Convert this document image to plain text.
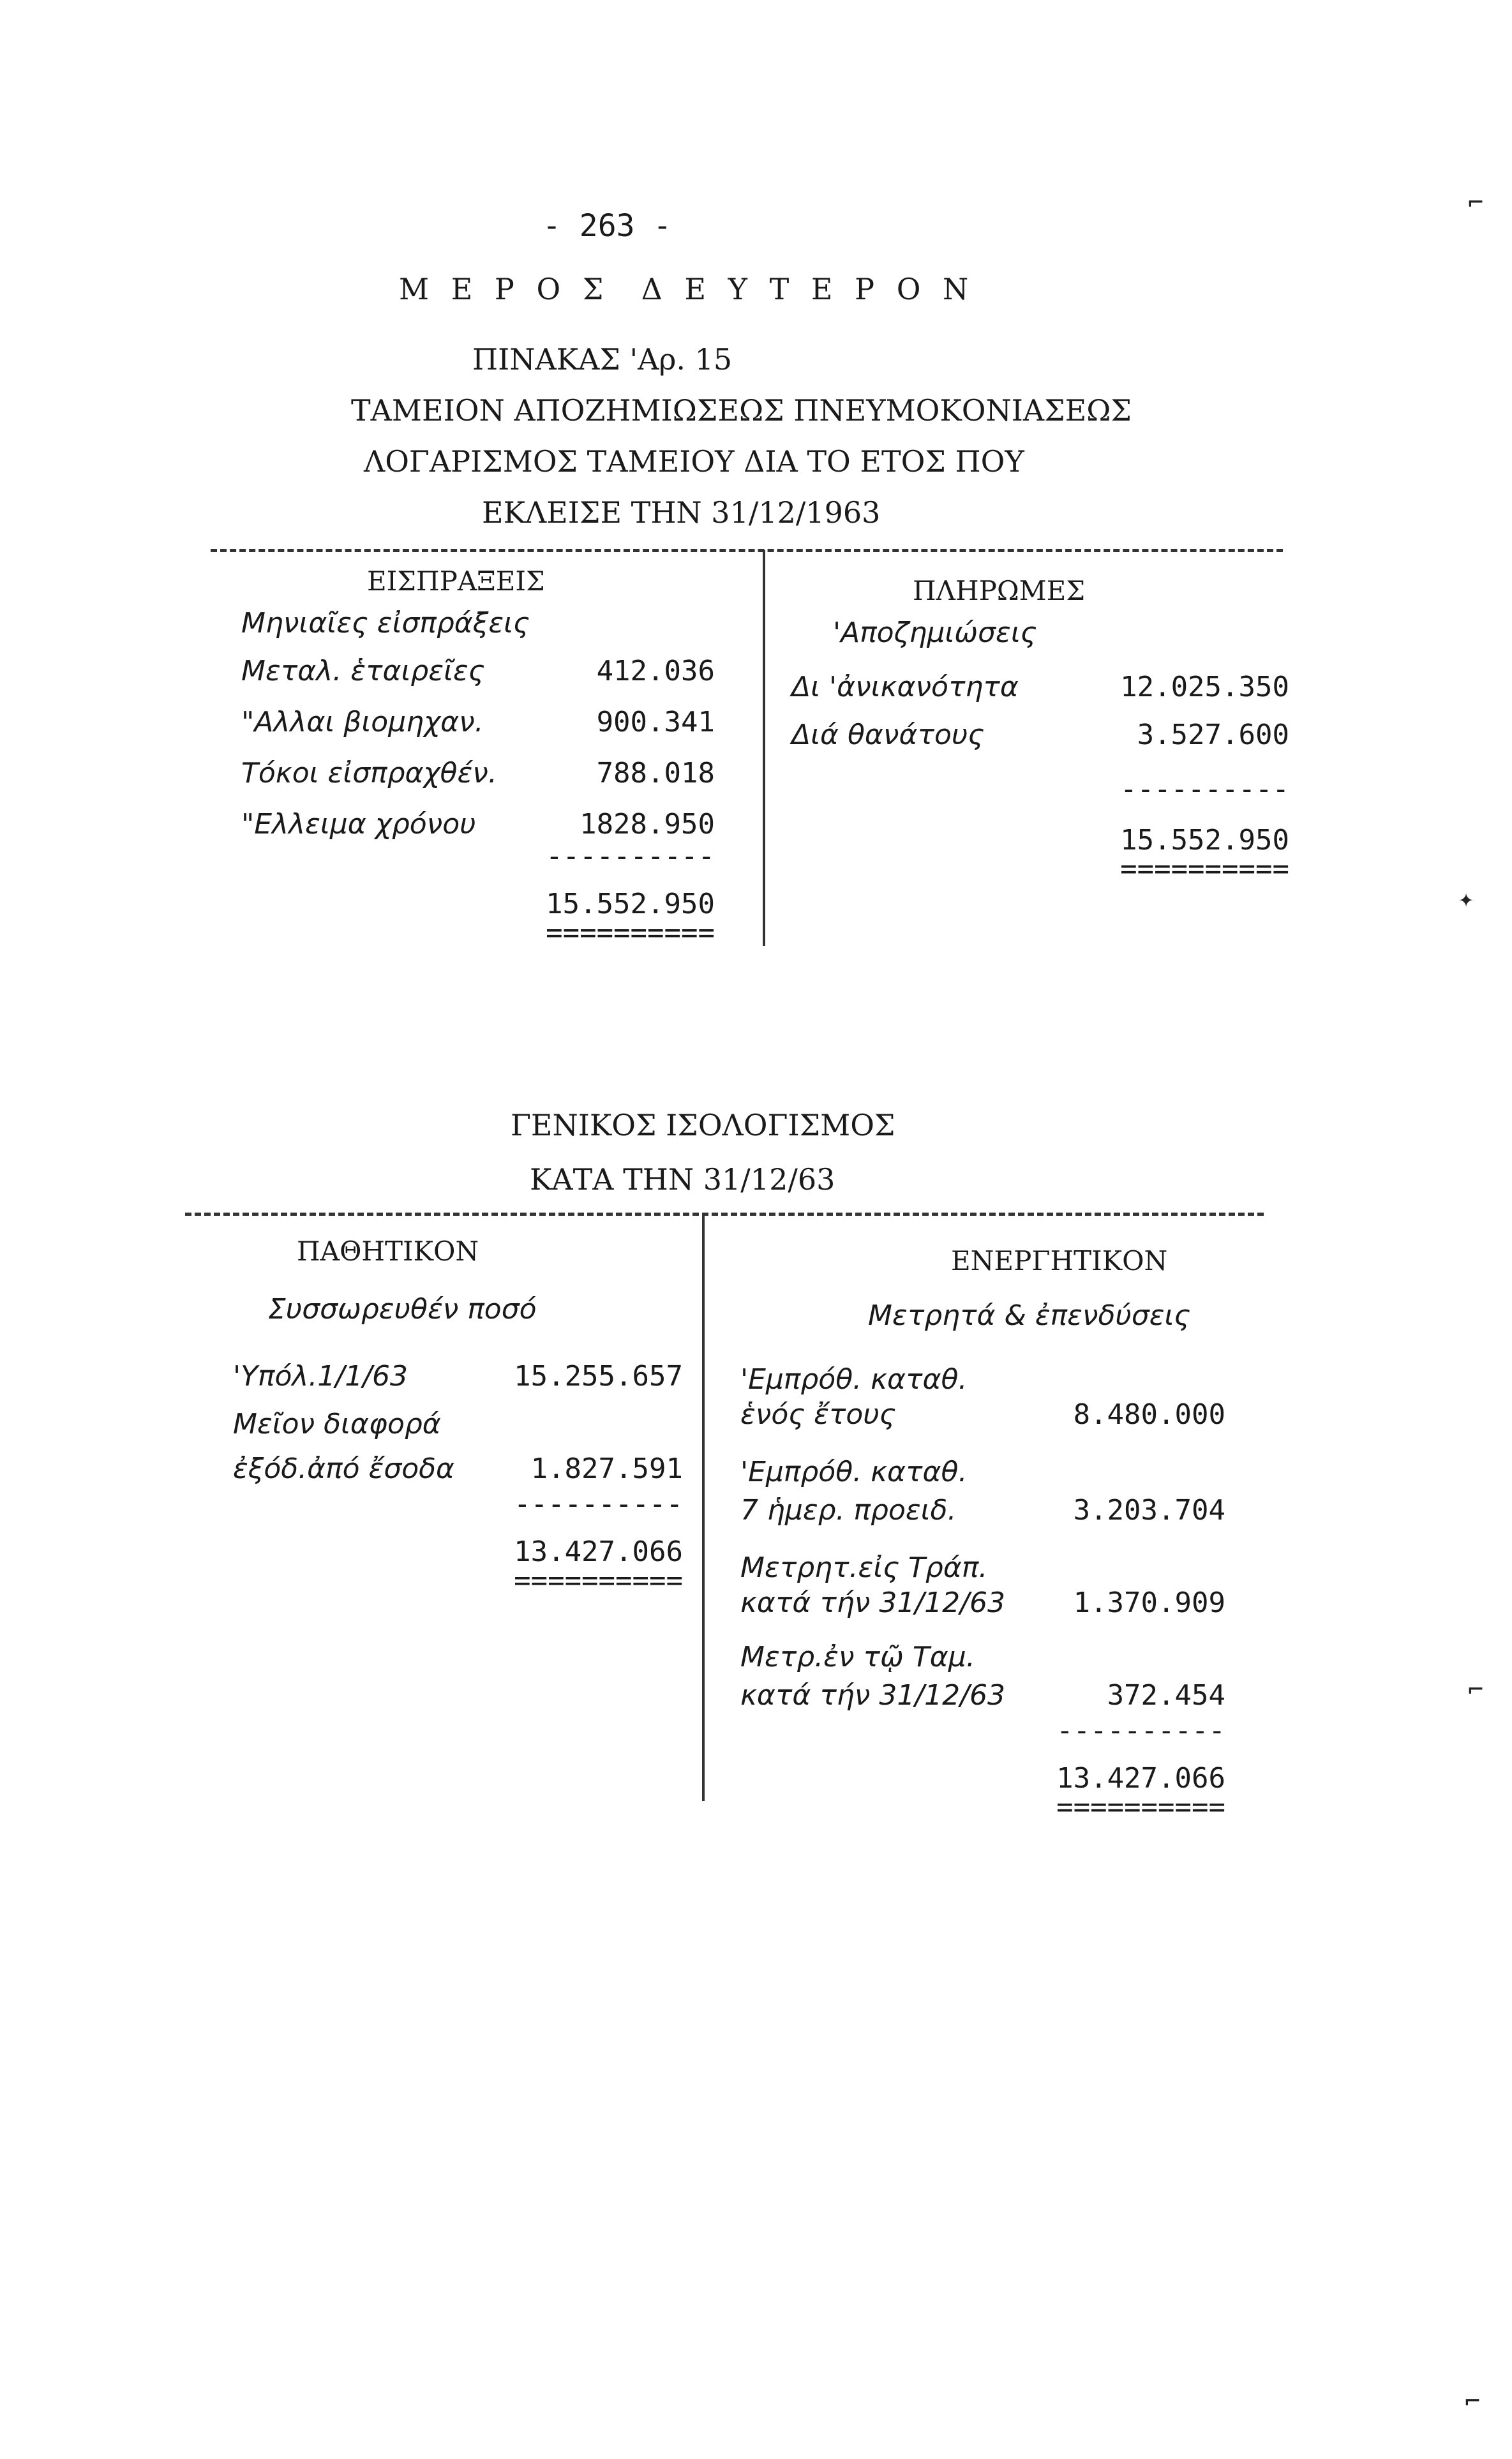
- 263 -
Μ Ε Ρ Ο Σ  Δ Ε Υ Τ Ε Ρ Ο Ν
ΠΙΝΑΚΑΣ 'Αρ. 15
ΤΑΜΕΙΟΝ ΑΠΟΖΗΜΙΩΣΕΩΣ ΠΝΕΥΜΟΚΟΝΙΑΣΕΩΣ
ΛΟΓΑΡΙΣΜΟΣ ΤΑΜΕΙΟΥ ΔΙΑ ΤΟ ΕΤΟΣ ΠΟΥ
ΕΚΛΕΙΣΕ ΤΗΝ 31/12/1963
ΕΙΣΠΡΑΞΕΙΣ
Μηνιαῖες εἰσπράξεις
Μεταλ. ἑταιρεῖες	412.036
"Αλλαι βιομηχαν.	900.341
Τόκοι εἰσπραχθέν.	788.018
"Ελλειμα χρόνου	1828.950
----------
15.552.950
==========
ΠΛΗΡΩΜΕΣ
'Αποζημιώσεις
Δι 'ἀνικανότητα	12.025.350
Διά θανάτους	3.527.600
----------
15.552.950
==========
ΓΕΝΙΚΟΣ ΙΣΟΛΟΓΙΣΜΟΣ
ΚΑΤΑ ΤΗΝ 31/12/63
ΠΑΘΗΤΙΚΟΝ
Συσσωρευθέν ποσό
'Υπόλ.1/1/63	15.255.657
Μεῖον διαφορά
ἐξόδ.ἀπό ἔσοδα	1.827.591
----------
13.427.066
==========
ΕΝΕΡΓΗΤΙΚΟΝ
Μετρητά & ἐπενδύσεις
'Εμπρόθ. καταθ.
ἑνός ἔτους	8.480.000
'Εμπρόθ. καταθ.
7 ἡμερ. προειδ.	3.203.704
Μετρητ.εἰς Τράπ.
κατά τήν 31/12/63	1.370.909
Μετρ.ἐν τῷ Ταμ.
κατά τήν 31/12/63	372.454
----------
13.427.066
==========
⌐
✦
⌐
⌐
